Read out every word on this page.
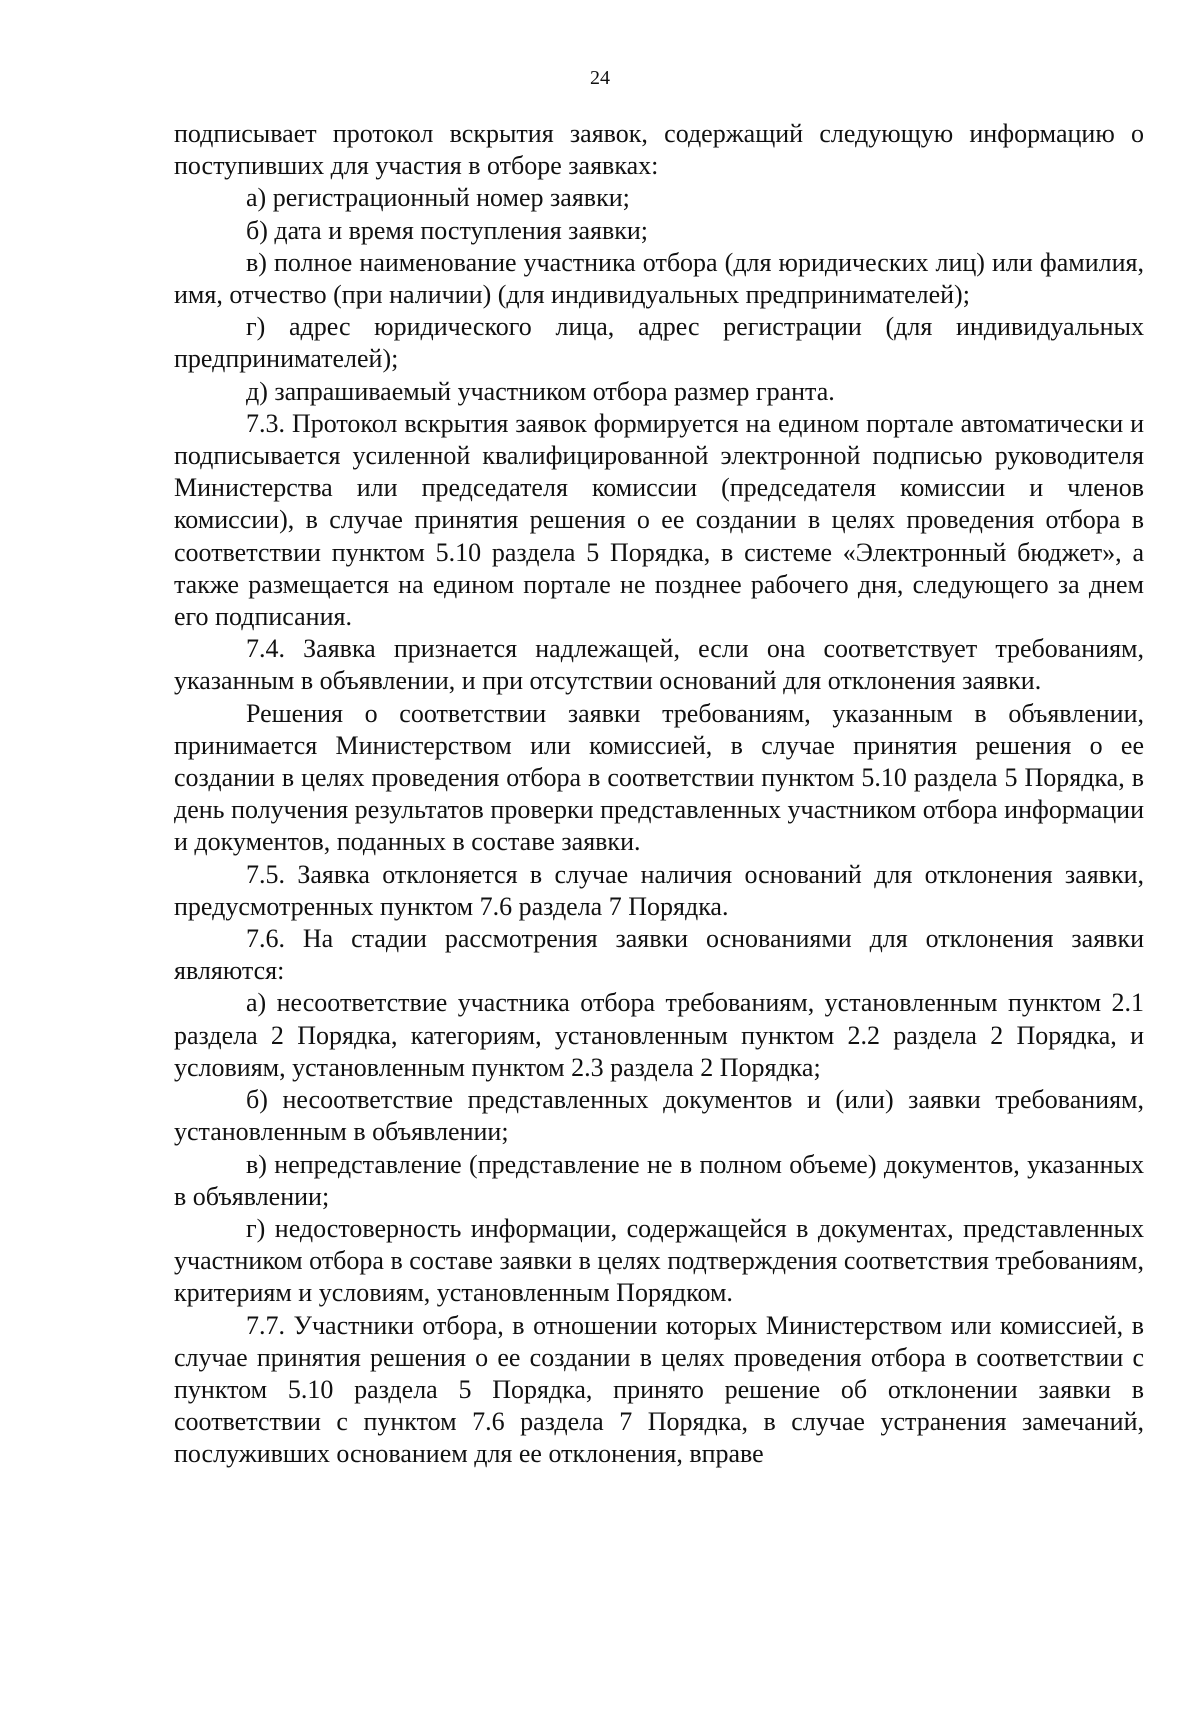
24

подписывает протокол вскрытия заявок, содержащий следующую информацию о поступивших для участия в отборе заявках:

а) регистрационный номер заявки;

б) дата и время поступления заявки;

в) полное наименование участника отбора (для юридических лиц) или фамилия, имя, отчество (при наличии) (для индивидуальных предпринимателей);

г) адрес юридического лица, адрес регистрации (для индивидуальных предпринимателей);

д) запрашиваемый участником отбора размер гранта.

7.3. Протокол вскрытия заявок формируется на едином портале автоматически и подписывается усиленной квалифицированной электронной подписью руководителя Министерства или председателя комиссии (председателя комиссии и членов комиссии), в случае принятия решения о ее создании в целях проведения отбора в соответствии пунктом 5.10 раздела 5 Порядка, в системе «Электронный бюджет», а также размещается на едином портале не позднее рабочего дня, следующего за днем его подписания.

7.4. Заявка признается надлежащей, если она соответствует требованиям, указанным в объявлении, и при отсутствии оснований для отклонения заявки.

Решения о соответствии заявки требованиям, указанным в объявлении, принимается Министерством или комиссией, в случае принятия решения о ее создании в целях проведения отбора в соответствии пунктом 5.10 раздела 5 Порядка, в день получения результатов проверки представленных участником отбора информации и документов, поданных в составе заявки.

7.5. Заявка отклоняется в случае наличия оснований для отклонения заявки, предусмотренных пунктом 7.6 раздела 7 Порядка.

7.6. На стадии рассмотрения заявки основаниями для отклонения заявки являются:

а) несоответствие участника отбора требованиям, установленным пунктом 2.1 раздела 2 Порядка, категориям, установленным пунктом 2.2 раздела 2 Порядка, и условиям, установленным пунктом 2.3 раздела 2 Порядка;

б) несоответствие представленных документов и (или) заявки требованиям, установленным в объявлении;

в) непредставление (представление не в полном объеме) документов, указанных в объявлении;

г) недостоверность информации, содержащейся в документах, представленных участником отбора в составе заявки в целях подтверждения соответствия требованиям, критериям и условиям, установленным Порядком.

7.7. Участники отбора, в отношении которых Министерством или комиссией, в случае принятия решения о ее создании в целях проведения отбора в соответствии с пунктом 5.10 раздела 5 Порядка, принято решение об отклонении заявки в соответствии с пунктом 7.6 раздела 7 Порядка, в случае устранения замечаний, послуживших основанием для ее отклонения, вправе
